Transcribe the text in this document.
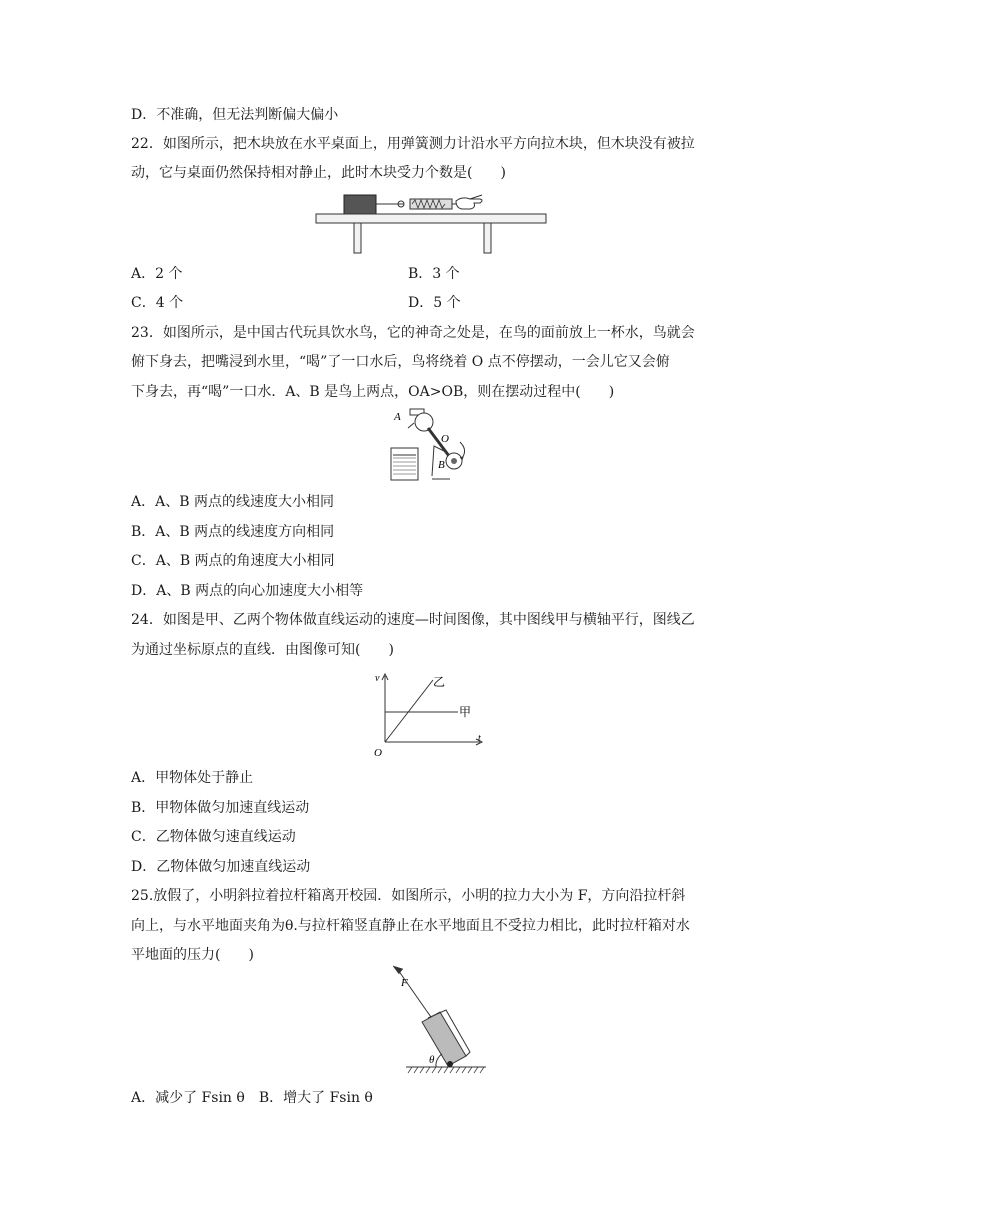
D．不准确，但无法判断偏大偏小
22．如图所示，把木块放在水平桌面上，用弹簧测力计沿水平方向拉木块，但木块没有被拉
动，它与桌面仍然保持相对静止，此时木块受力个数是(　　)
A．2 个	B．3 个
C．4 个	D．5 个
23．如图所示，是中国古代玩具饮水鸟，它的神奇之处是，在鸟的面前放上一杯水，鸟就会
俯下身去，把嘴浸到水里，“喝”了一口水后，鸟将绕着 O 点不停摆动，一会儿它又会俯
下身去，再“喝”一口水．A、B 是鸟上两点，OA>OB，则在摆动过程中(　　)
A
O
B
A．A、B 两点的线速度大小相同
B．A、B 两点的线速度方向相同
C．A、B 两点的角速度大小相同
D．A、B 两点的向心加速度大小相等
24．如图是甲、乙两个物体做直线运动的速度—时间图像，其中图线甲与横轴平行，图线乙
为通过坐标原点的直线．由图像可知(　　)
v
t
O
甲
乙
A．甲物体处于静止
B．甲物体做匀加速直线运动
C．乙物体做匀速直线运动
D．乙物体做匀加速直线运动
25.放假了，小明斜拉着拉杆箱离开校园．如图所示，小明的拉力大小为 F，方向沿拉杆斜
向上，与水平地面夹角为θ.与拉杆箱竖直静止在水平地面且不受拉力相比，此时拉杆箱对水
平地面的压力(　　)
F
θ
A．减少了 Fsin θ　B．增大了 Fsin θ
